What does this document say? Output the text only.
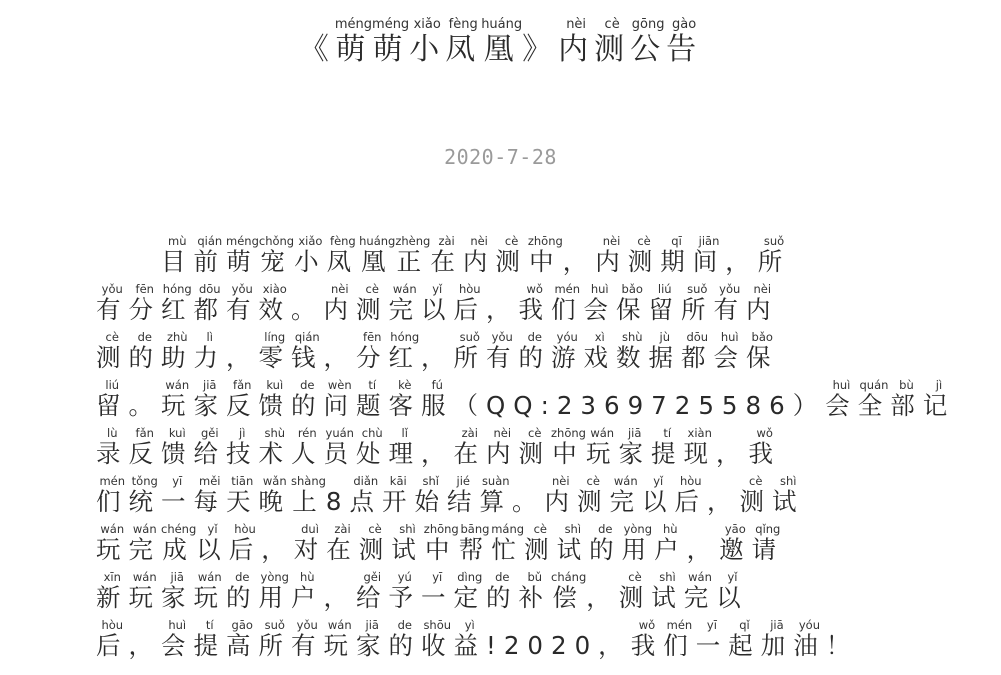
《萌méng萌méng小xiǎo凤fèng凰huáng》内nèi测cè公gōng告gào
2020-7-28
　　目mù前qián萌méng宠chǒng小xiǎo凤fèng凰huáng正zhèng在zài内nèi测cè中zhōng，内nèi测cè期qī间jiān，所suǒ
有yǒu分fēn红hóng都dōu有yǒu效xiào。内nèi测cè完wán以yǐ后hòu，我wǒ们mén会huì保bǎo留liú所suǒ有yǒu内nèi
测cè的de助zhù力lì，零líng钱qián，分fēn红hóng，所suǒ有yǒu的de游yóu戏xì数shù据jù都dōu会huì保bǎo
留liú。玩wán家jiā反fǎn馈kuì的de问wèn题tí客kè服fú（QQ:2369725586）会huì全quán部bù记jì
录lù反fǎn馈kuì给gěi技jì术shù人rén员yuán处chù理lǐ，在zài内nèi测cè中zhōng玩wán家jiā提tí现xiàn，我wǒ
们mén统tǒng一yī每měi天tiān晚wǎn上shàng8点diǎn开kāi始shǐ结jié算suàn。内nèi测cè完wán以yǐ后hòu，测cè试shì
玩wán完wán成chéng以yǐ后hòu，对duì在zài测cè试shì中zhōng帮bāng忙máng测cè试shì的de用yòng户hù，邀yāo请qǐng
新xīn玩wán家jiā玩wán的de用yòng户hù，给gěi予yú一yī定dìng的de补bǔ偿cháng，测cè试shì完wán以yǐ
后hòu，会huì提tí高gāo所suǒ有yǒu玩wán家jiā的de收shōu益yì!2020，我wǒ们mén一yī起qǐ加jiā油yóu！
